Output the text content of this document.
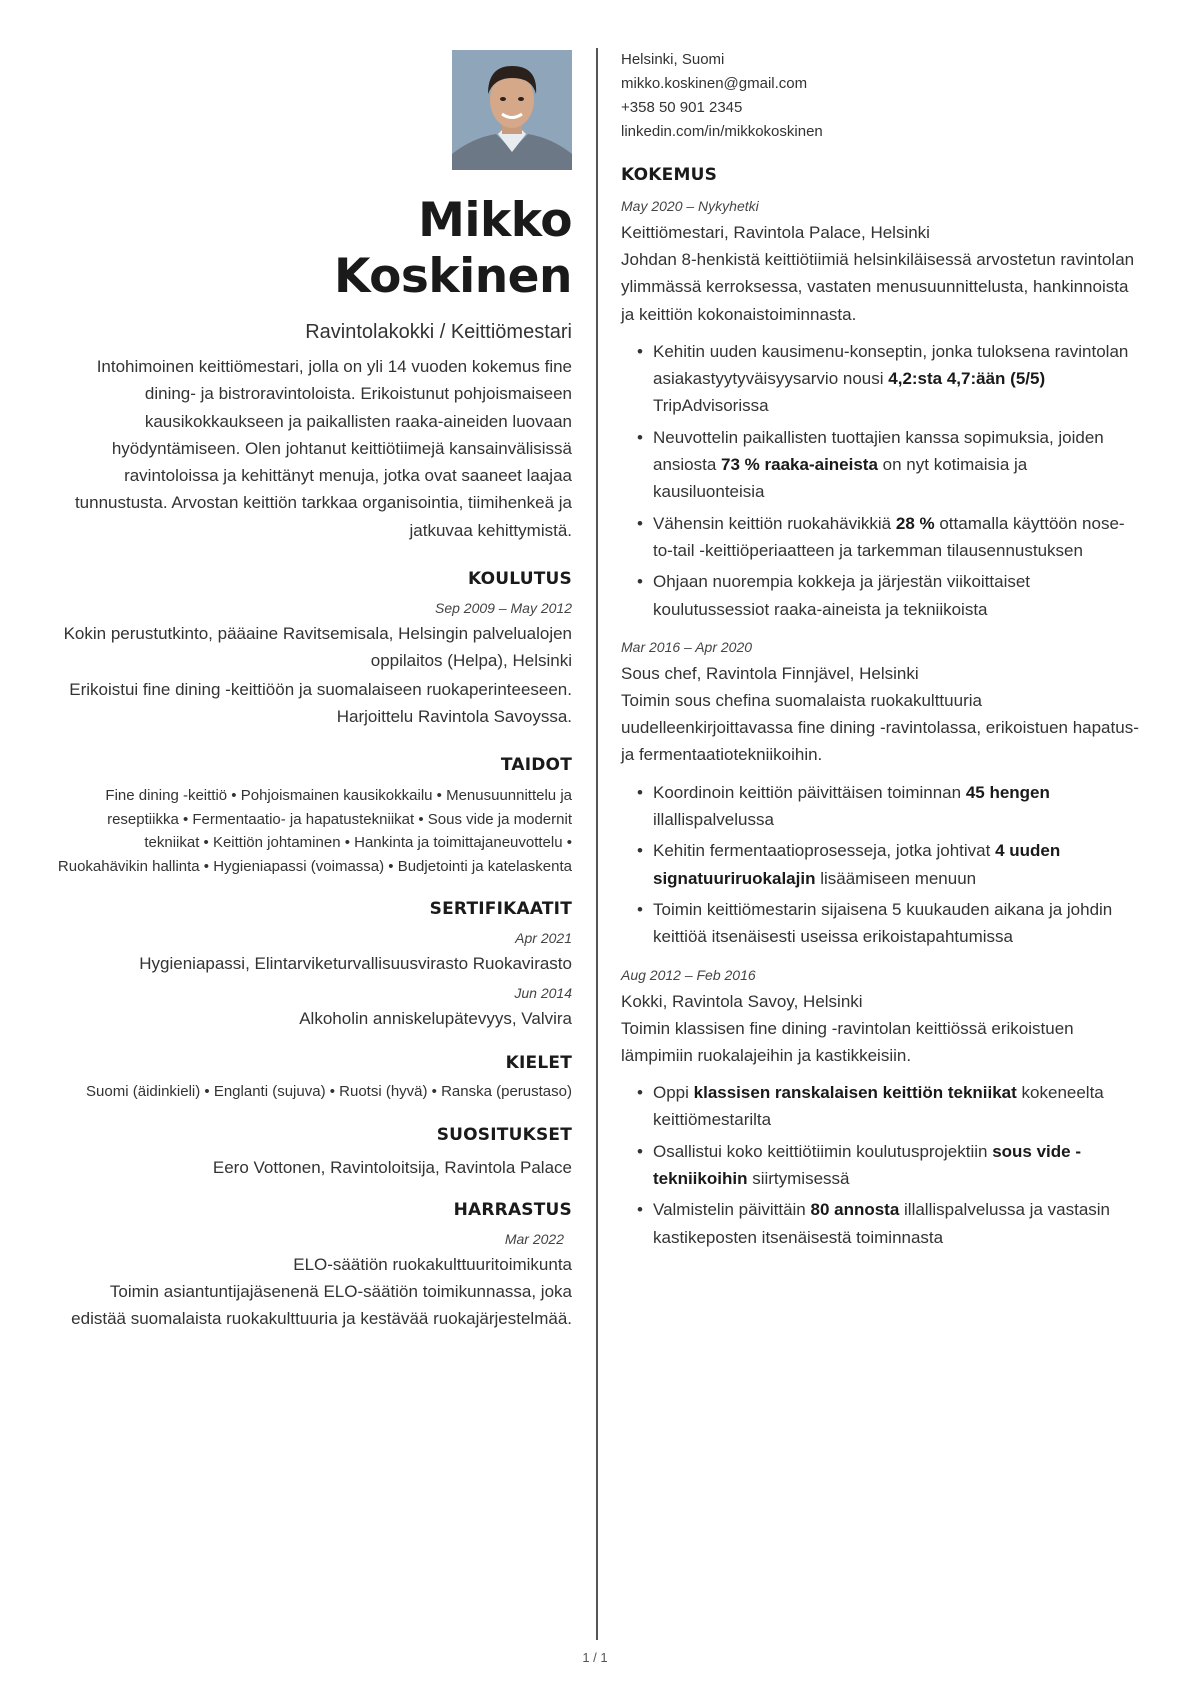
Mikko
Koskinen
Ravintolakokki / Keittiömestari
Intohimoinen keittiömestari, jolla on yli 14 vuoden kokemus fine dining- ja bistroravintoloista. Erikoistunut pohjoismaiseen kausikokkaukseen ja paikallisten raaka-aineiden luovaan hyödyntämiseen. Olen johtanut keittiötiimejä kansainvälisissä ravintoloissa ja kehittänyt menuja, jotka ovat saaneet laajaa tunnustusta. Arvostan keittiön tarkkaa organisointia, tiimihenkeä ja jatkuvaa kehittymistä.
KOULUTUS
Sep 2009 – May 2012
Kokin perustutkinto, pääaine Ravitsemisala, Helsingin palvelualojen oppilaitos (Helpa), Helsinki
Erikoistui fine dining -keittiöön ja suomalaiseen ruokaperinteeseen. Harjoittelu Ravintola Savoyssa.
TAIDOT
Fine dining -keittiö • Pohjoismainen kausikokkailu • Menusuunnittelu ja reseptiikka • Fermentaatio- ja hapatustekniikat • Sous vide ja modernit tekniikat • Keittiön johtaminen • Hankinta ja toimittajaneuvottelu • Ruokahävikin hallinta • Hygieniapassi (voimassa) • Budjetointi ja katelaskenta
SERTIFIKAATIT
Apr 2021
Hygieniapassi, Elintarviketurvallisuusvirasto Ruokavirasto
Jun 2014
Alkoholin anniskelupätevyys, Valvira
KIELET
Suomi (äidinkieli) • Englanti (sujuva) • Ruotsi (hyvä) • Ranska (perustaso)
SUOSITUKSET
Eero Vottonen, Ravintoloitsija, Ravintola Palace
HARRASTUS
Mar 2022
ELO-säätiön ruokakulttuuritoimikunta
Toimin asiantuntijajäsenenä ELO-säätiön toimikunnassa, joka edistää suomalaista ruokakulttuuria ja kestävää ruokajärjestelmää.
Helsinki, Suomi
mikko.koskinen@gmail.com
+358 50 901 2345
linkedin.com/in/mikkokoskinen
KOKEMUS
May 2020 – Nykyhetki
Keittiömestari, Ravintola Palace, Helsinki
Johdan 8-henkistä keittiötiimiä helsinkiläisessä arvostetun ravintolan ylimmässä kerroksessa, vastaten menusuunnittelusta, hankinnoista ja keittiön kokonaistoiminnasta.
• Kehitin uuden kausimenu-konseptin, jonka tuloksena ravintolan asiakastyytyväisyysarvio nousi 4,2:sta 4,7:ään (5/5) TripAdvisorissa
• Neuvottelin paikallisten tuottajien kanssa sopimuksia, joiden ansiosta 73 % raaka-aineista on nyt kotimaisia ja kausiluonteisia
• Vähensin keittiön ruokahävikkiä 28 % ottamalla käyttöön nose-to-tail -keittiöperiaatteen ja tarkemman tilausennustuksen
• Ohjaan nuorempia kokkeja ja järjestän viikoittaiset koulutussessiot raaka-aineista ja tekniikoista
Mar 2016 – Apr 2020
Sous chef, Ravintola Finnjävel, Helsinki
Toimin sous chefina suomalaista ruokakulttuuria uudelleenkirjoittavassa fine dining -ravintolassa, erikoistuen hapatus- ja fermentaatiotekniikoihin.
• Koordinoin keittiön päivittäisen toiminnan 45 hengen illallispalvelussa
• Kehitin fermentaatioprosesseja, jotka johtivat 4 uuden signatuuriruokalajin lisäämiseen menuun
• Toimin keittiömestarin sijaisena 5 kuukauden aikana ja johdin keittiöä itsenäisesti useissa erikoistapahtumissa
Aug 2012 – Feb 2016
Kokki, Ravintola Savoy, Helsinki
Toimin klassisen fine dining -ravintolan keittiössä erikoistuen lämpimiin ruokalajeihin ja kastikkeisiin.
• Oppi klassisen ranskalaisen keittiön tekniikat kokeneelta keittiömestarilta
• Osallistui koko keittiötiimin koulutusprojektiin sous vide -tekniikoihin siirtymisessä
• Valmistelin päivittäin 80 annosta illallispalvelussa ja vastasin kastikeposten itsenäisestä toiminnasta
1 / 1
